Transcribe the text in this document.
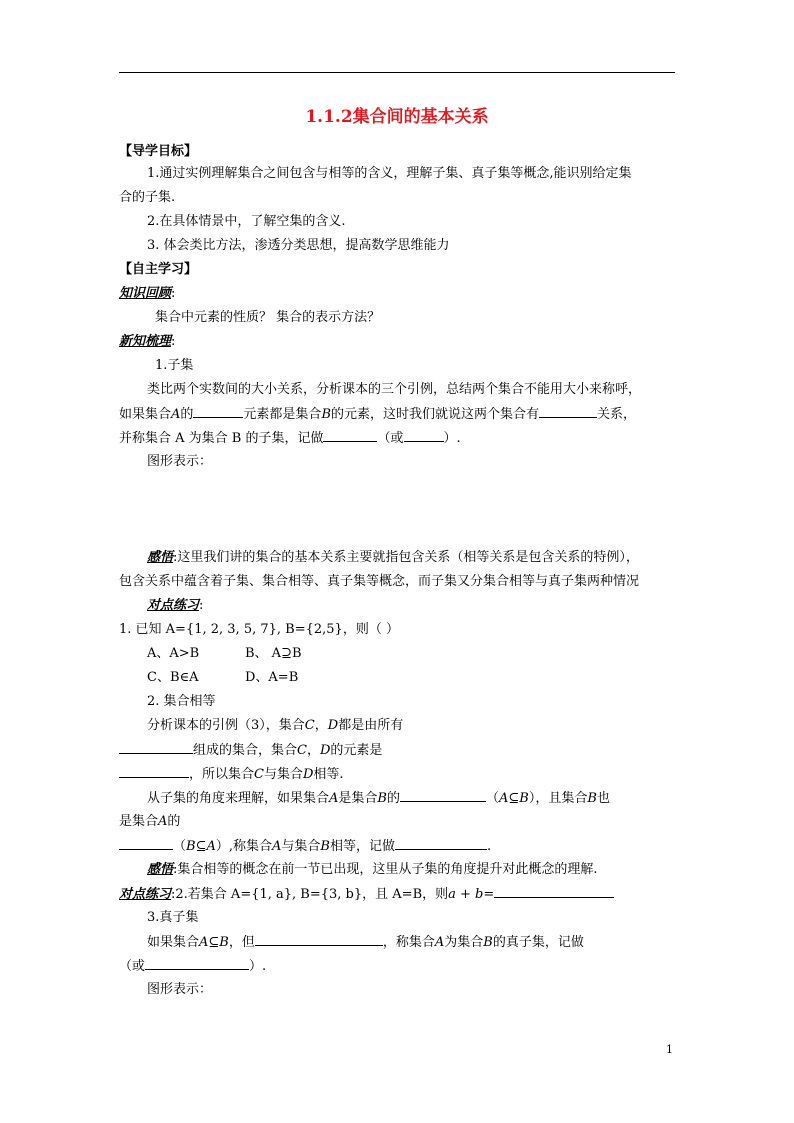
1.1.2集合间的基本关系
【导学目标】
1.通过实例理解集合之间包含与相等的含义，理解子集、真子集等概念,能识别给定集
合的子集.
2.在具体情景中，了解空集的含义.
3. 体会类比方法，渗透分类思想，提高数学思维能力
【自主学习】
知识回顾:
集合中元素的性质？ 集合的表示方法？
新知梳理:
1.子集
类比两个实数间的大小关系，分析课本的三个引例，总结两个集合不能用大小来称呼，
如果集合A的	元素都是集合B的元素，这时我们就说这两个集合有	关系，
并称集合 A 为集合 B 的子集，记做	（或	）.
图形表示：
感悟:这里我们讲的集合的基本关系主要就指包含关系（相等关系是包含关系的特例），
包含关系中蕴含着子集、集合相等、真子集等概念，而子集又分集合相等与真子集两种情况
对点练习:
1. 已知 A={1, 2, 3, 5, 7}, B={2,5}，则（ ）
A、A>B	B、 A⊇B
C、B∈A	D、A=B
2. 集合相等
分析课本的引例（3），集合C，D都是由所有
组成的集合，集合C，D的元素是
，所以集合C与集合D相等.
从子集的角度来理解，如果集合A是集合B的	（A⊆B），且集合B也
是集合A的
（B⊆A）,称集合A与集合B相等，记做	.
感悟:集合相等的概念在前一节已出现，这里从子集的角度提升对此概念的理解.
对点练习:2.若集合 A={1, a}, B={3, b}，且 A=B，则a + b=
3.真子集
如果集合A⊆B，但	，称集合A为集合B的真子集，记做
（或	）.
图形表示：
1
